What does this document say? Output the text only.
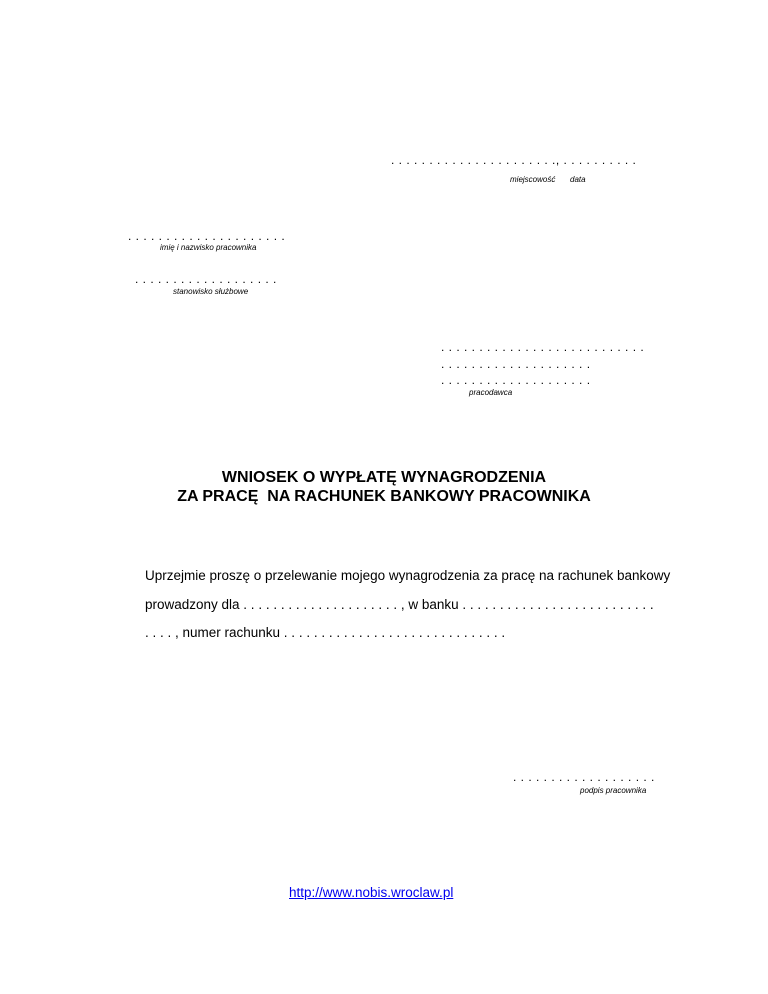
. . . . . . . . . . . . . . . . . . . . . ., . . . . . . . . . .
miejscowość data
. . . . . . . . . . . . . . . . . . . . .
imię i nazwisko pracownika
. . . . . . . . . . . . . . . . . . .
stanowisko służbowe
. . . . . . . . . . . . . . . . . . . . . . . . . . .
. . . . . . . . . . . . . . . . . . . .
. . . . . . . . . . . . . . . . . . . .
pracodawca
WNIOSEK O WYPŁATĘ WYNAGRODZENIA
ZA PRACĘ  NA RACHUNEK BANKOWY PRACOWNIKA
Uprzejmie proszę o przelewanie mojego wynagrodzenia za pracę na rachunek bankowy
prowadzony dla . . . . . . . . . . . . . . . . . . . . . , w banku . . . . . . . . . . . . . . . . . . . . . . . . . .
. . . . , numer rachunku . . . . . . . . . . . . . . . . . . . . . . . . . . . . . .
. . . . . . . . . . . . . . . . . . .
podpis pracownika
http://www.nobis.wroclaw.pl
